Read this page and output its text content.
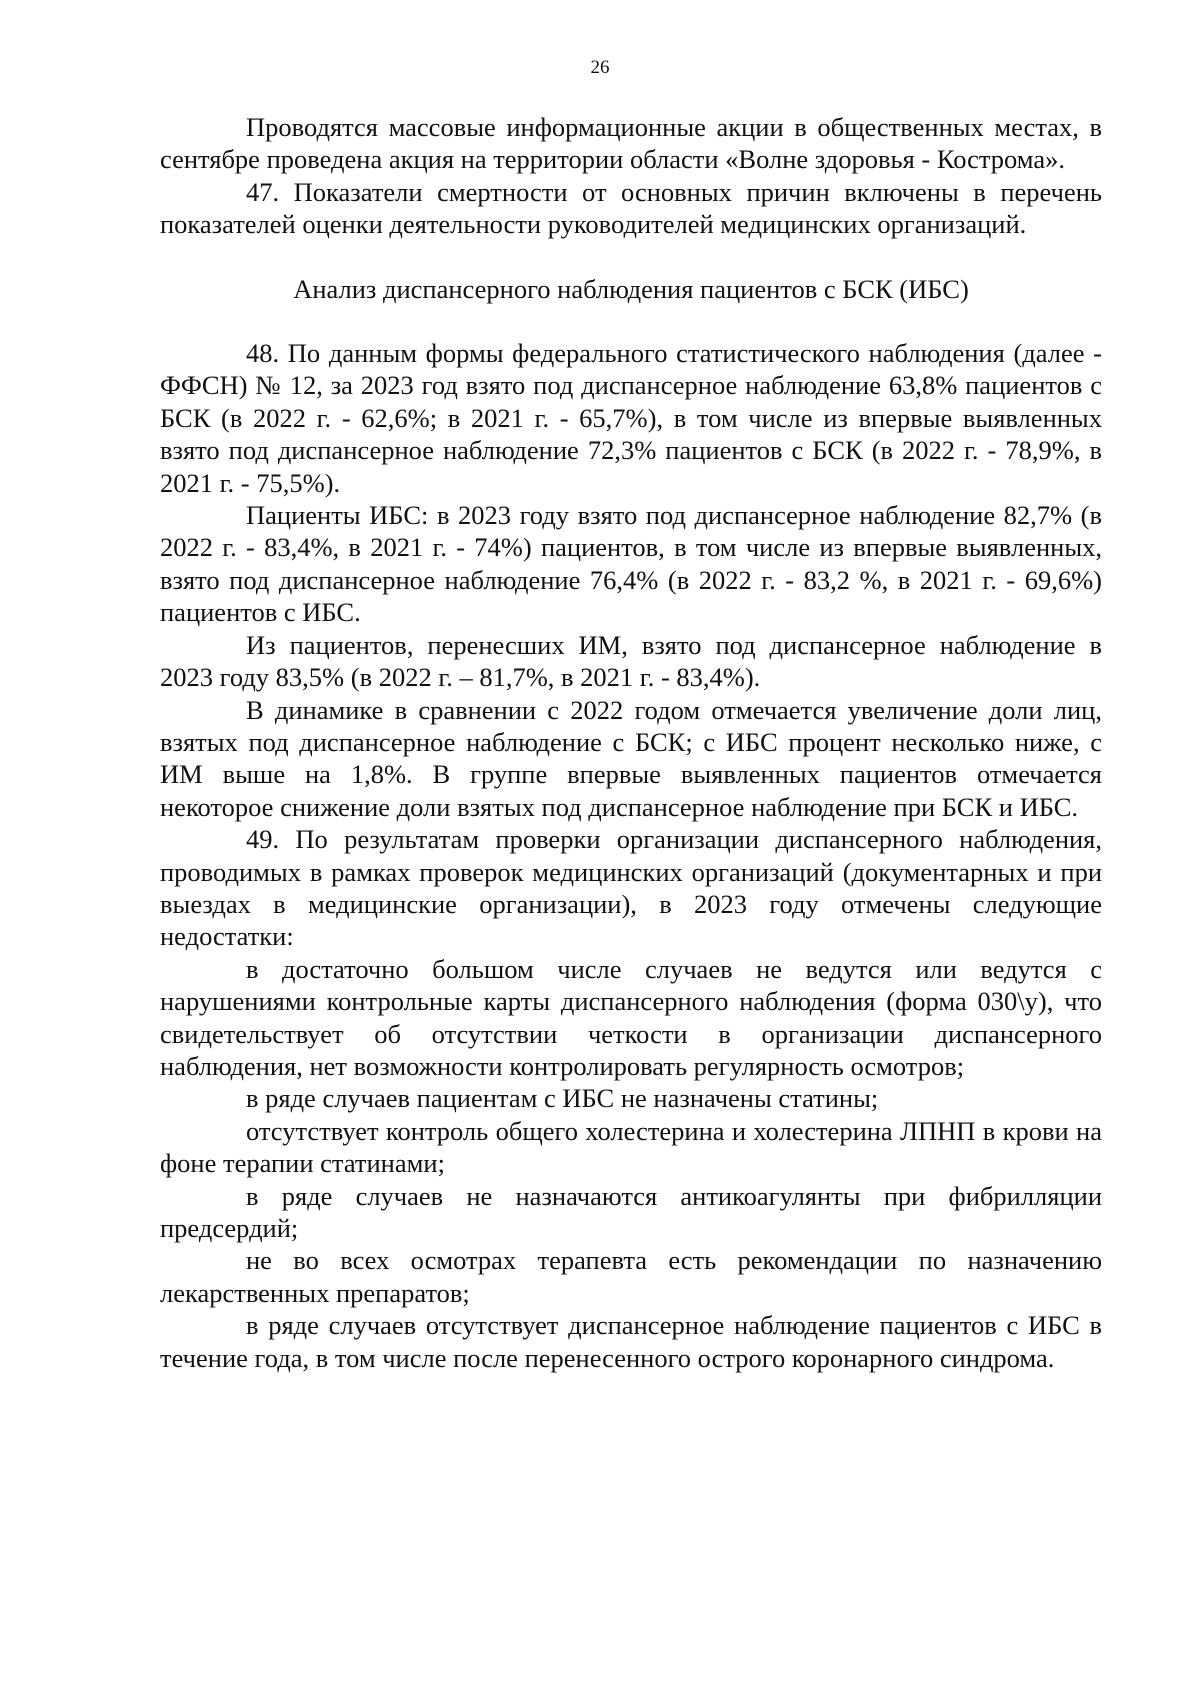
26

Проводятся массовые информационные акции в общественных местах, в сентябре проведена акция на территории области «Волне здоровья - Кострома».

47. Показатели смертности от основных причин включены в перечень показателей оценки деятельности руководителей медицинских организаций.

Анализ диспансерного наблюдения пациентов с БСК (ИБС)

48. По данным формы федерального статистического наблюдения (далее - ФФСН) № 12, за 2023 год взято под диспансерное наблюдение 63,8% пациентов с БСК (в 2022 г. - 62,6%; в 2021 г. - 65,7%), в том числе из впервые выявленных взято под диспансерное наблюдение 72,3% пациентов с БСК (в 2022 г. - 78,9%, в 2021 г. - 75,5%).

Пациенты ИБС: в 2023 году взято под диспансерное наблюдение 82,7% (в 2022 г. - 83,4%, в 2021 г. - 74%) пациентов, в том числе из впервые выявленных, взято под диспансерное наблюдение 76,4% (в 2022 г. - 83,2 %, в 2021 г. - 69,6%) пациентов с ИБС.

Из пациентов, перенесших ИМ, взято под диспансерное наблюдение в 2023 году 83,5% (в 2022 г. – 81,7%, в 2021 г. - 83,4%).

В динамике в сравнении с 2022 годом отмечается увеличение доли лиц, взятых под диспансерное наблюдение с БСК; с ИБС процент несколько ниже, с ИМ выше на 1,8%. В группе впервые выявленных пациентов отмечается некоторое снижение доли взятых под диспансерное наблюдение при БСК и ИБС.

49. По результатам проверки организации диспансерного наблюдения, проводимых в рамках проверок медицинских организаций (документарных и при выездах в медицинские организации), в 2023 году отмечены следующие недостатки:

в достаточно большом числе случаев не ведутся или ведутся с нарушениями контрольные карты диспансерного наблюдения (форма 030\у), что свидетельствует об отсутствии четкости в организации диспансерного наблюдения, нет возможности контролировать регулярность осмотров;

в ряде случаев пациентам с ИБС не назначены статины;

отсутствует контроль общего холестерина и холестерина ЛПНП в крови на фоне терапии статинами;

в ряде случаев не назначаются антикоагулянты при фибрилляции предсердий;

не во всех осмотрах терапевта есть рекомендации по назначению лекарственных препаратов;

в ряде случаев отсутствует диспансерное наблюдение пациентов с ИБС в течение года, в том числе после перенесенного острого коронарного синдрома.
